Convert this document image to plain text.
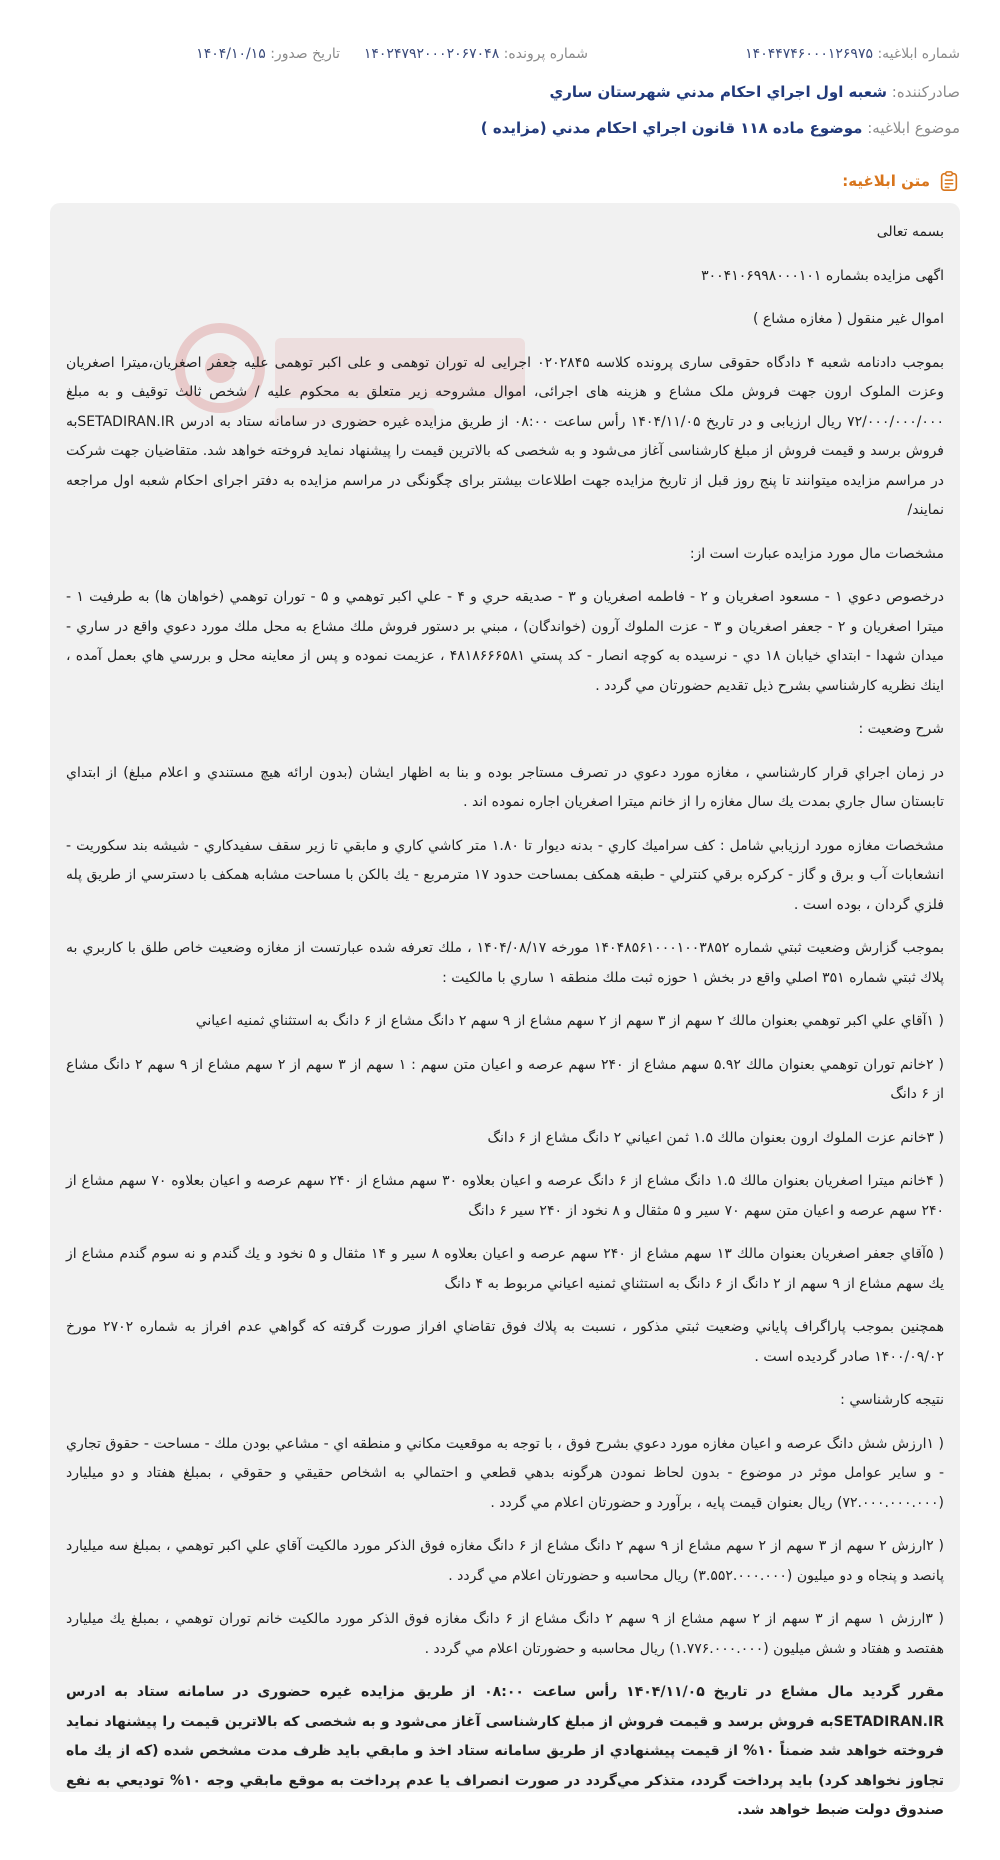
شماره ابلاغیه: ۱۴۰۴۴۷۴۶۰۰۰۱۲۶۹۷۵
شماره پرونده: ۱۴۰۲۴۷۹۲۰۰۰۲۰۶۷۰۴۸
تاریخ صدور: ۱۴۰۴/۱۰/۱۵
صادرکننده: شعبه اول اجراي احكام مدني شهرستان ساري
موضوع ابلاغیه: موضوع ماده ۱۱۸ قانون اجراي احكام مدني (مزايده )
متن ابلاغیه:

بسمه تعالی

اگهی مزایده بشماره ۳۰۰۴۱۰۶۹۹۸۰۰۰۱۰۱

اموال غیر منقول ( مغازه مشاع )

بموجب دادنامه شعبه ۴ دادگاه حقوقی ساری پرونده کلاسه ۰۲۰۲۸۴۵ اجرایی له توران توهمی و علی اکبر توهمی علیه جعفر اصغریان،میترا اصغریان وعزت الملوک ارون جهت فروش ملک مشاع و هزینه های اجرائی، اموال مشروحه زیر متعلق به محکوم علیه / شخص ثالث توقیف و به مبلغ ۷۲/۰۰۰/۰۰۰/۰۰۰ ریال ارزیابی و در تاریخ ۱۴۰۴/۱۱/۰۵ رأس ساعت ۰۸:۰۰ از طریق مزایده غیره حضوری در سامانه ستاد به ادرس SETADIRAN.IRبه فروش برسد و قیمت فروش از مبلغ کارشناسی آغاز می‌شود و به شخصی که بالاترین قیمت را پیشنهاد نماید فروخته خواهد شد. متقاضیان جهت شرکت در مراسم مزایده میتوانند تا پنج روز قبل از تاریخ مزایده جهت اطلاعات بیشتر برای چگونگی در مراسم مزایده به دفتر اجرای احکام شعبه اول مراجعه نمایند/

مشخصات مال مورد مزایده عبارت است از:

درخصوص دعوي ۱ - مسعود اصغريان و ۲ - فاطمه اصغريان و ۳ - صديقه حري و ۴ - علي اكبر توهمي و ۵ - توران توهمي (خواهان ها) به طرفيت ۱ - ميترا اصغريان و ۲ - جعفر اصغريان و ۳ - عزت الملوك آرون (خواندگان) ، مبني بر دستور فروش ملك مشاع به محل ملك مورد دعوي واقع در ساري - ميدان شهدا - ابتداي خيابان ۱۸ دي - نرسيده به كوچه انصار - كد پستي ۴۸۱۸۶۶۶۵۸۱ ، عزيمت نموده و پس از معاينه محل و بررسي هاي بعمل آمده ، اينك نظريه كارشناسي بشرح ذيل تقديم حضورتان مي گردد .

شرح وضعيت :

در زمان اجراي قرار كارشناسي ، مغازه مورد دعوي در تصرف مستاجر بوده و بنا به اظهار ايشان (بدون ارائه هيچ مستندي و اعلام مبلغ) از ابتداي تابستان سال جاري بمدت يك سال مغازه را از خانم ميترا اصغريان اجاره نموده اند .

مشخصات مغازه مورد ارزيابي شامل : كف سراميك كاري - بدنه ديوار تا ۱.۸۰ متر كاشي كاري و مابقي تا زير سقف سفيدكاري - شيشه بند سكوريت - انشعابات آب و برق و گاز - كركره برقي كنترلي - طبقه همكف بمساحت حدود ۱۷ مترمربع - يك بالكن با مساحت مشابه همكف با دسترسي از طريق پله فلزي گردان ، بوده است .

بموجب گزارش وضعيت ثبتي شماره ۱۴۰۴۸۵۶۱۰۰۰۱۰۰۳۸۵۲ مورخه ۱۴۰۴/۰۸/۱۷ ، ملك تعرفه شده عبارتست از مغازه وضعيت خاص طلق با كاربري به پلاك ثبتي شماره ۳۵۱ اصلي واقع در بخش ۱ حوزه ثبت ملك منطقه ۱ ساري با مالكيت :

( ۱آقاي علي اكبر توهمي بعنوان مالك ۲ سهم از ۳ سهم از ۲ سهم مشاع از ۹ سهم ۲ دانگ مشاع از ۶ دانگ به استثناي ثمنيه اعياني

( ۲خانم توران توهمي بعنوان مالك ۵.۹۲ سهم مشاع از ۲۴۰ سهم عرصه و اعيان متن سهم : ۱ سهم از ۳ سهم از ۲ سهم مشاع از ۹ سهم ۲ دانگ مشاع از ۶ دانگ

( ۳خانم عزت الملوك ارون بعنوان مالك ۱.۵ ثمن اعياني ۲ دانگ مشاع از ۶ دانگ

( ۴خانم ميترا اصغريان بعنوان مالك ۱.۵ دانگ مشاع از ۶ دانگ عرصه و اعيان بعلاوه ۳۰ سهم مشاع از ۲۴۰ سهم عرصه و اعيان بعلاوه ۷۰ سهم مشاع از ۲۴۰ سهم عرصه و اعيان متن سهم ۷۰ سير و ۵ مثقال و ۸ نخود از ۲۴۰ سير ۶ دانگ

( ۵آقاي جعفر اصغريان بعنوان مالك ۱۳ سهم مشاع از ۲۴۰ سهم عرصه و اعيان بعلاوه ۸ سير و ۱۴ مثقال و ۵ نخود و يك گندم و نه سوم گندم مشاع از يك سهم مشاع از ۹ سهم از ۲ دانگ از ۶ دانگ به استثناي ثمنيه اعياني مربوط به ۴ دانگ

همچنين بموجب پاراگراف پاياني وضعيت ثبتي مذكور ، نسبت به پلاك فوق تقاضاي افراز صورت گرفته كه گواهي عدم افراز به شماره ۲۷۰۲ مورخ ۱۴۰۰/۰۹/۰۲ صادر گرديده است .

نتيجه كارشناسي :

( ۱ارزش شش دانگ عرصه و اعيان مغازه مورد دعوي بشرح فوق ، با توجه به موقعيت مكاني و منطقه اي - مشاعي بودن ملك - مساحت - حقوق تجاري - و ساير عوامل موثر در موضوع - بدون لحاظ نمودن هرگونه بدهي قطعي و احتمالي به اشخاص حقيقي و حقوقي ، بمبلغ هفتاد و دو ميليارد (۷۲.۰۰۰.۰۰۰.۰۰۰) ريال بعنوان قيمت پايه ، برآورد و حضورتان اعلام مي گردد .

( ۲ارزش ۲ سهم از ۳ سهم از ۲ سهم مشاع از ۹ سهم ۲ دانگ مشاع از ۶ دانگ مغازه فوق الذكر مورد مالكيت آقاي علي اكبر توهمي ، بمبلغ سه ميليارد پانصد و پنجاه و دو ميليون (۳.۵۵۲.۰۰۰.۰۰۰) ريال محاسبه و حضورتان اعلام مي گردد .

( ۳ارزش ۱ سهم از ۳ سهم از ۲ سهم مشاع از ۹ سهم ۲ دانگ مشاع از ۶ دانگ مغازه فوق الذكر مورد مالكيت خانم توران توهمي ، بمبلغ يك ميليارد هفتصد و هفتاد و شش ميليون (۱.۷۷۶.۰۰۰.۰۰۰) ريال محاسبه و حضورتان اعلام مي گردد .

مقرر گردید مال مشاع در تاریخ ۱۴۰۴/۱۱/۰۵ رأس ساعت ۰۸:۰۰ از طریق مزایده غیره حضوری در سامانه ستاد به ادرس SETADIRAN.IRبه فروش برسد و قیمت فروش از مبلغ کارشناسی آغاز می‌شود و به شخصی که بالاترین قیمت را پیشنهاد نماید فروخته خواهد شد ضمناً ۱۰% از قیمت پیشنهادي از طريق سامانه ستاد اخذ و مابقي بايد ظرف مدت مشخص شده (كه از يك ماه تجاوز نخواهد كرد) بايد پرداخت گردد، متذكر مي‌گردد در صورت انصراف يا عدم پرداخت به موقع مابقي وجه ۱۰% توديعي به نفع صندوق دولت ضبط خواهد شد.
